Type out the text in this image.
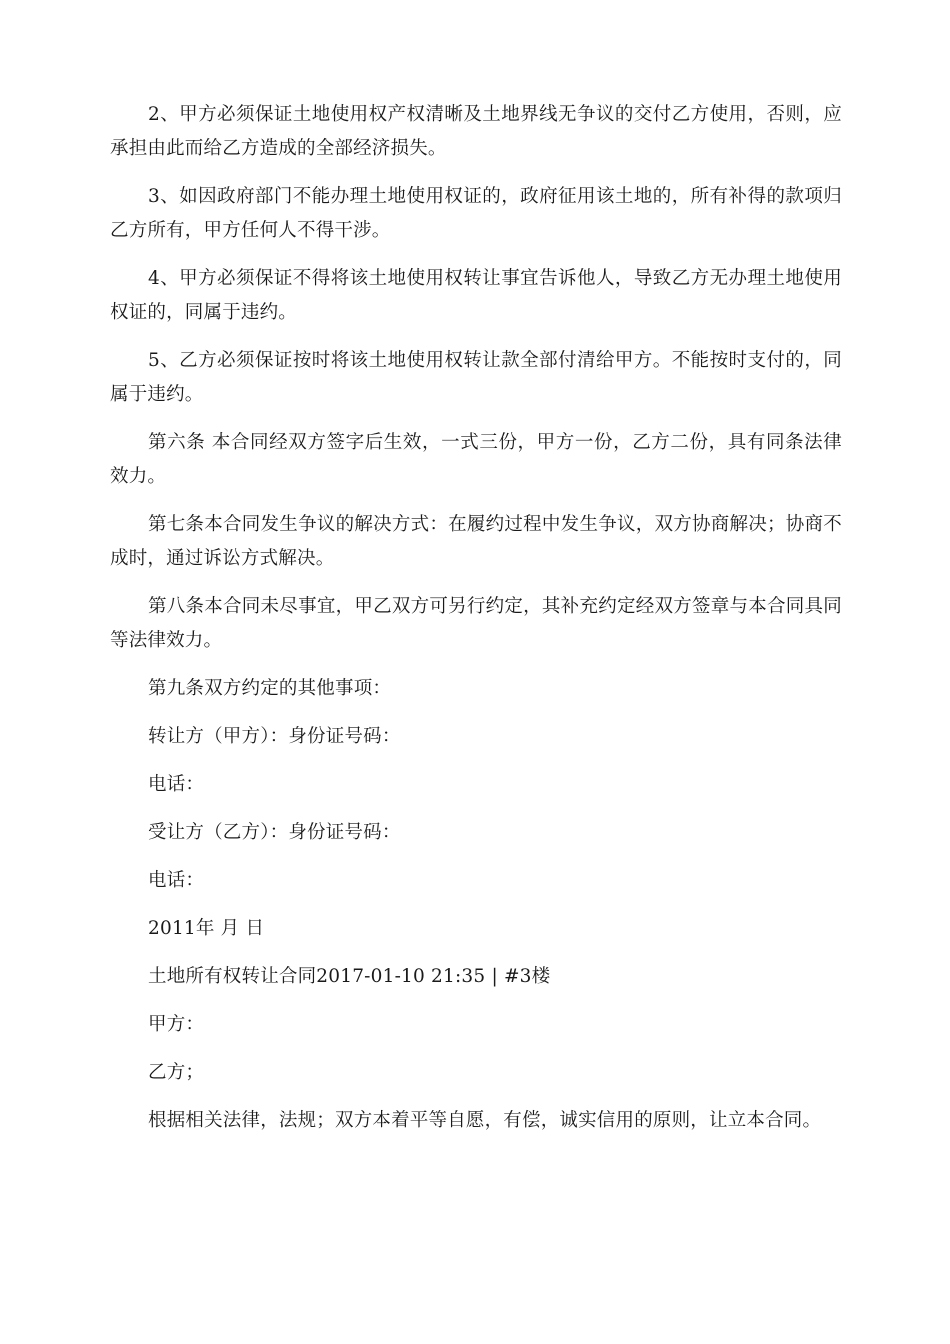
2、甲方必须保证土地使用权产权清晰及土地界线无争议的交付乙方使用，否则，应承担由此而给乙方造成的全部经济损失。

3、如因政府部门不能办理土地使用权证的，政府征用该土地的，所有补得的款项归乙方所有，甲方任何人不得干涉。

4、甲方必须保证不得将该土地使用权转让事宜告诉他人，导致乙方无办理土地使用权证的，同属于违约。

5、乙方必须保证按时将该土地使用权转让款全部付清给甲方。不能按时支付的，同属于违约。

第六条 本合同经双方签字后生效，一式三份，甲方一份，乙方二份，具有同条法律效力。

第七条本合同发生争议的解决方式：在履约过程中发生争议，双方协商解决；协商不成时，通过诉讼方式解决。

第八条本合同未尽事宜，甲乙双方可另行约定，其补充约定经双方签章与本合同具同等法律效力。

第九条双方约定的其他事项：

转让方（甲方）：身份证号码：

电话：

受让方（乙方）：身份证号码：

电话：

2011年 月 日

土地所有权转让合同2017-01-10 21:35 | #3楼

甲方：

乙方；

根据相关法律，法规；双方本着平等自愿，有偿，诚实信用的原则，让立本合同。
